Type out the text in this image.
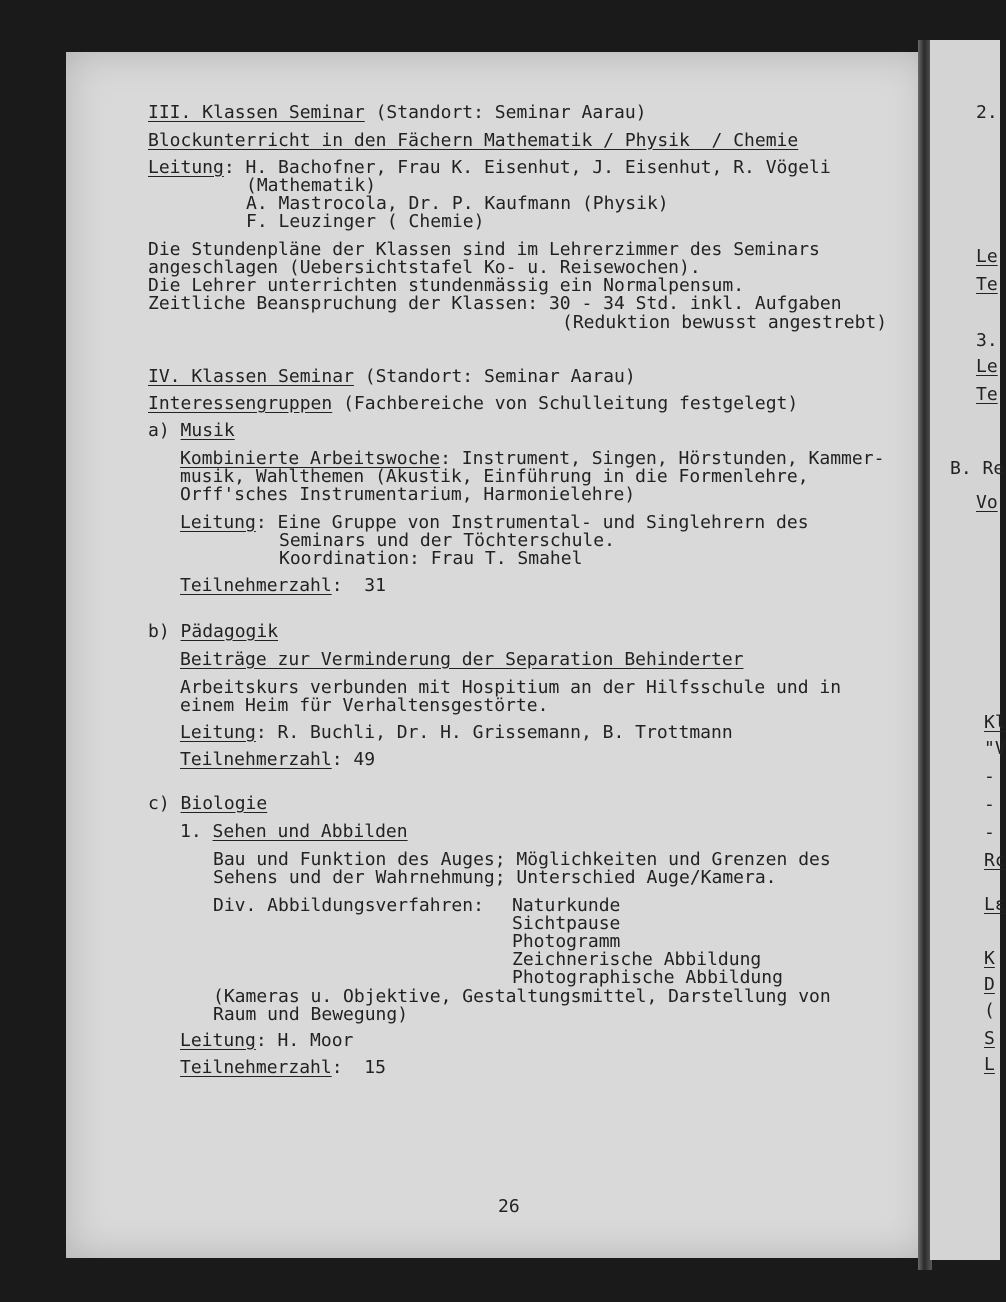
III. Klassen Seminar (Standort: Seminar Aarau)
Blockunterricht in den Fächern Mathematik / Physik  / Chemie
Leitung: H. Bachofner, Frau K. Eisenhut, J. Eisenhut, R. Vögeli
(Mathematik)
A. Mastrocola, Dr. P. Kaufmann (Physik)
F. Leuzinger ( Chemie)
Die Stundenpläne der Klassen sind im Lehrerzimmer des Seminars
angeschlagen (Uebersichtstafel Ko- u. Reisewochen).
Die Lehrer unterrichten stundenmässig ein Normalpensum.
Zeitliche Beanspruchung der Klassen: 30 - 34 Std. inkl. Aufgaben
(Reduktion bewusst angestrebt)
IV. Klassen Seminar (Standort: Seminar Aarau)
Interessengruppen (Fachbereiche von Schulleitung festgelegt)
a) Musik
Kombinierte Arbeitswoche: Instrument, Singen, Hörstunden, Kammer-
musik, Wahlthemen (Akustik, Einführung in die Formenlehre,
Orff'sches Instrumentarium, Harmonielehre)
Leitung: Eine Gruppe von Instrumental- und Singlehrern des
Seminars und der Töchterschule.
Koordination: Frau T. Smahel
Teilnehmerzahl:  31
b) Pädagogik
Beiträge zur Verminderung der Separation Behinderter
Arbeitskurs verbunden mit Hospitium an der Hilfsschule und in
einem Heim für Verhaltensgestörte.
Leitung: R. Buchli, Dr. H. Grissemann, B. Trottmann
Teilnehmerzahl: 49
c) Biologie
1. Sehen und Abbilden
Bau und Funktion des Auges; Möglichkeiten und Grenzen des
Sehens und der Wahrnehmung; Unterschied Auge/Kamera.
Div. Abbildungsverfahren: Naturkunde
Sichtpause
Photogramm
Zeichnerische Abbildung
Photographische Abbildung
(Kameras u. Objektive, Gestaltungsmittel, Darstellung von
Raum und Bewegung)
Leitung: H. Moor
Teilnehmerzahl:  15
26
2.
Le
Te
3.
Le
Te
B. Re
Vo
Kl
"V
-
-
-
Rc
Lε
K
D
(
S
L
